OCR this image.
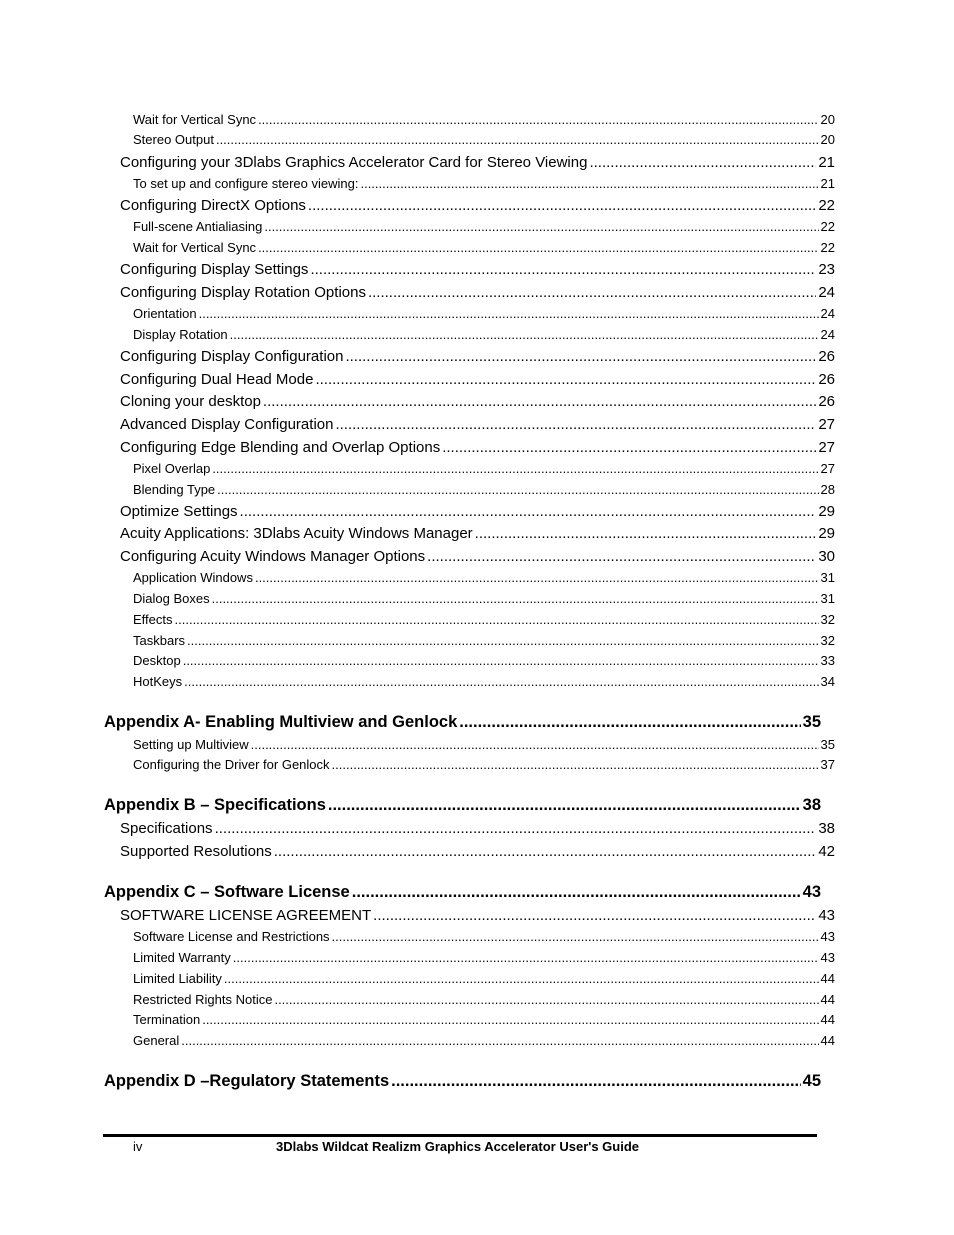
Wait for Vertical Sync .....	20
Stereo Output .....	20
Configuring your 3Dlabs Graphics Accelerator Card for Stereo Viewing .....	21
To set up and configure stereo viewing: .....	21
Configuring DirectX Options .....	22
Full-scene Antialiasing .....	22
Wait for Vertical Sync .....	22
Configuring Display Settings .....	23
Configuring Display Rotation Options .....	24
Orientation .....	24
Display Rotation .....	24
Configuring Display Configuration .....	26
Configuring Dual Head Mode .....	26
Cloning your desktop .....	26
Advanced Display Configuration .....	27
Configuring Edge Blending and Overlap Options .....	27
Pixel Overlap .....	27
Blending Type .....	28
Optimize Settings .....	29
Acuity Applications: 3Dlabs Acuity Windows Manager .....	29
Configuring Acuity Windows Manager Options .....	30
Application Windows .....	31
Dialog Boxes .....	31
Effects .....	32
Taskbars .....	32
Desktop .....	33
HotKeys .....	34
Appendix A- Enabling Multiview and Genlock .....	35
Setting up Multiview .....	35
Configuring the Driver for Genlock .....	37
Appendix B – Specifications .....	38
Specifications .....	38
Supported Resolutions .....	42
Appendix C – Software License .....	43
SOFTWARE LICENSE AGREEMENT .....	43
Software License and Restrictions .....	43
Limited Warranty .....	43
Limited Liability .....	44
Restricted Rights Notice .....	44
Termination .....	44
General .....	44
Appendix D –Regulatory Statements .....	45
iv	3Dlabs Wildcat Realizm Graphics Accelerator User's Guide
